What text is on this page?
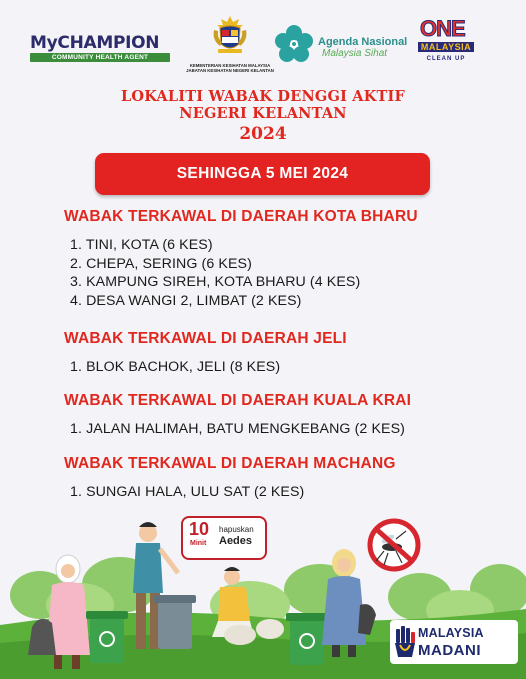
MyCHAMPION
COMMUNITY HEALTH AGENT
KEMENTERIAN KESIHATAN MALAYSIA
JABATAN KESIHATAN NEGERI KELANTAN
Agenda Nasional
Malaysia Sihat
ONE
MALAYSIA
CLEAN UP
LOKALITI WABAK DENGGI AKTIF
NEGERI KELANTAN
2024
SEHINGGA 5 MEI 2024
WABAK TERKAWAL DI DAERAH KOTA BHARU
1. TINI, KOTA (6 KES)
2. CHEPA, SERING (6 KES)
3. KAMPUNG SIREH, KOTA BHARU (4 KES)
4. DESA WANGI 2, LIMBAT (2 KES)
WABAK TERKAWAL DI DAERAH JELI
1. BLOK BACHOK, JELI (8 KES)
WABAK TERKAWAL DI DAERAH KUALA KRAI
1. JALAN HALIMAH, BATU MENGKEBANG (2 KES)
WABAK TERKAWAL DI DAERAH MACHANG
1. SUNGAI HALA, ULU SAT (2 KES)
10
Minit
hapuskan
Aedes
MALAYSIA
MADANI
